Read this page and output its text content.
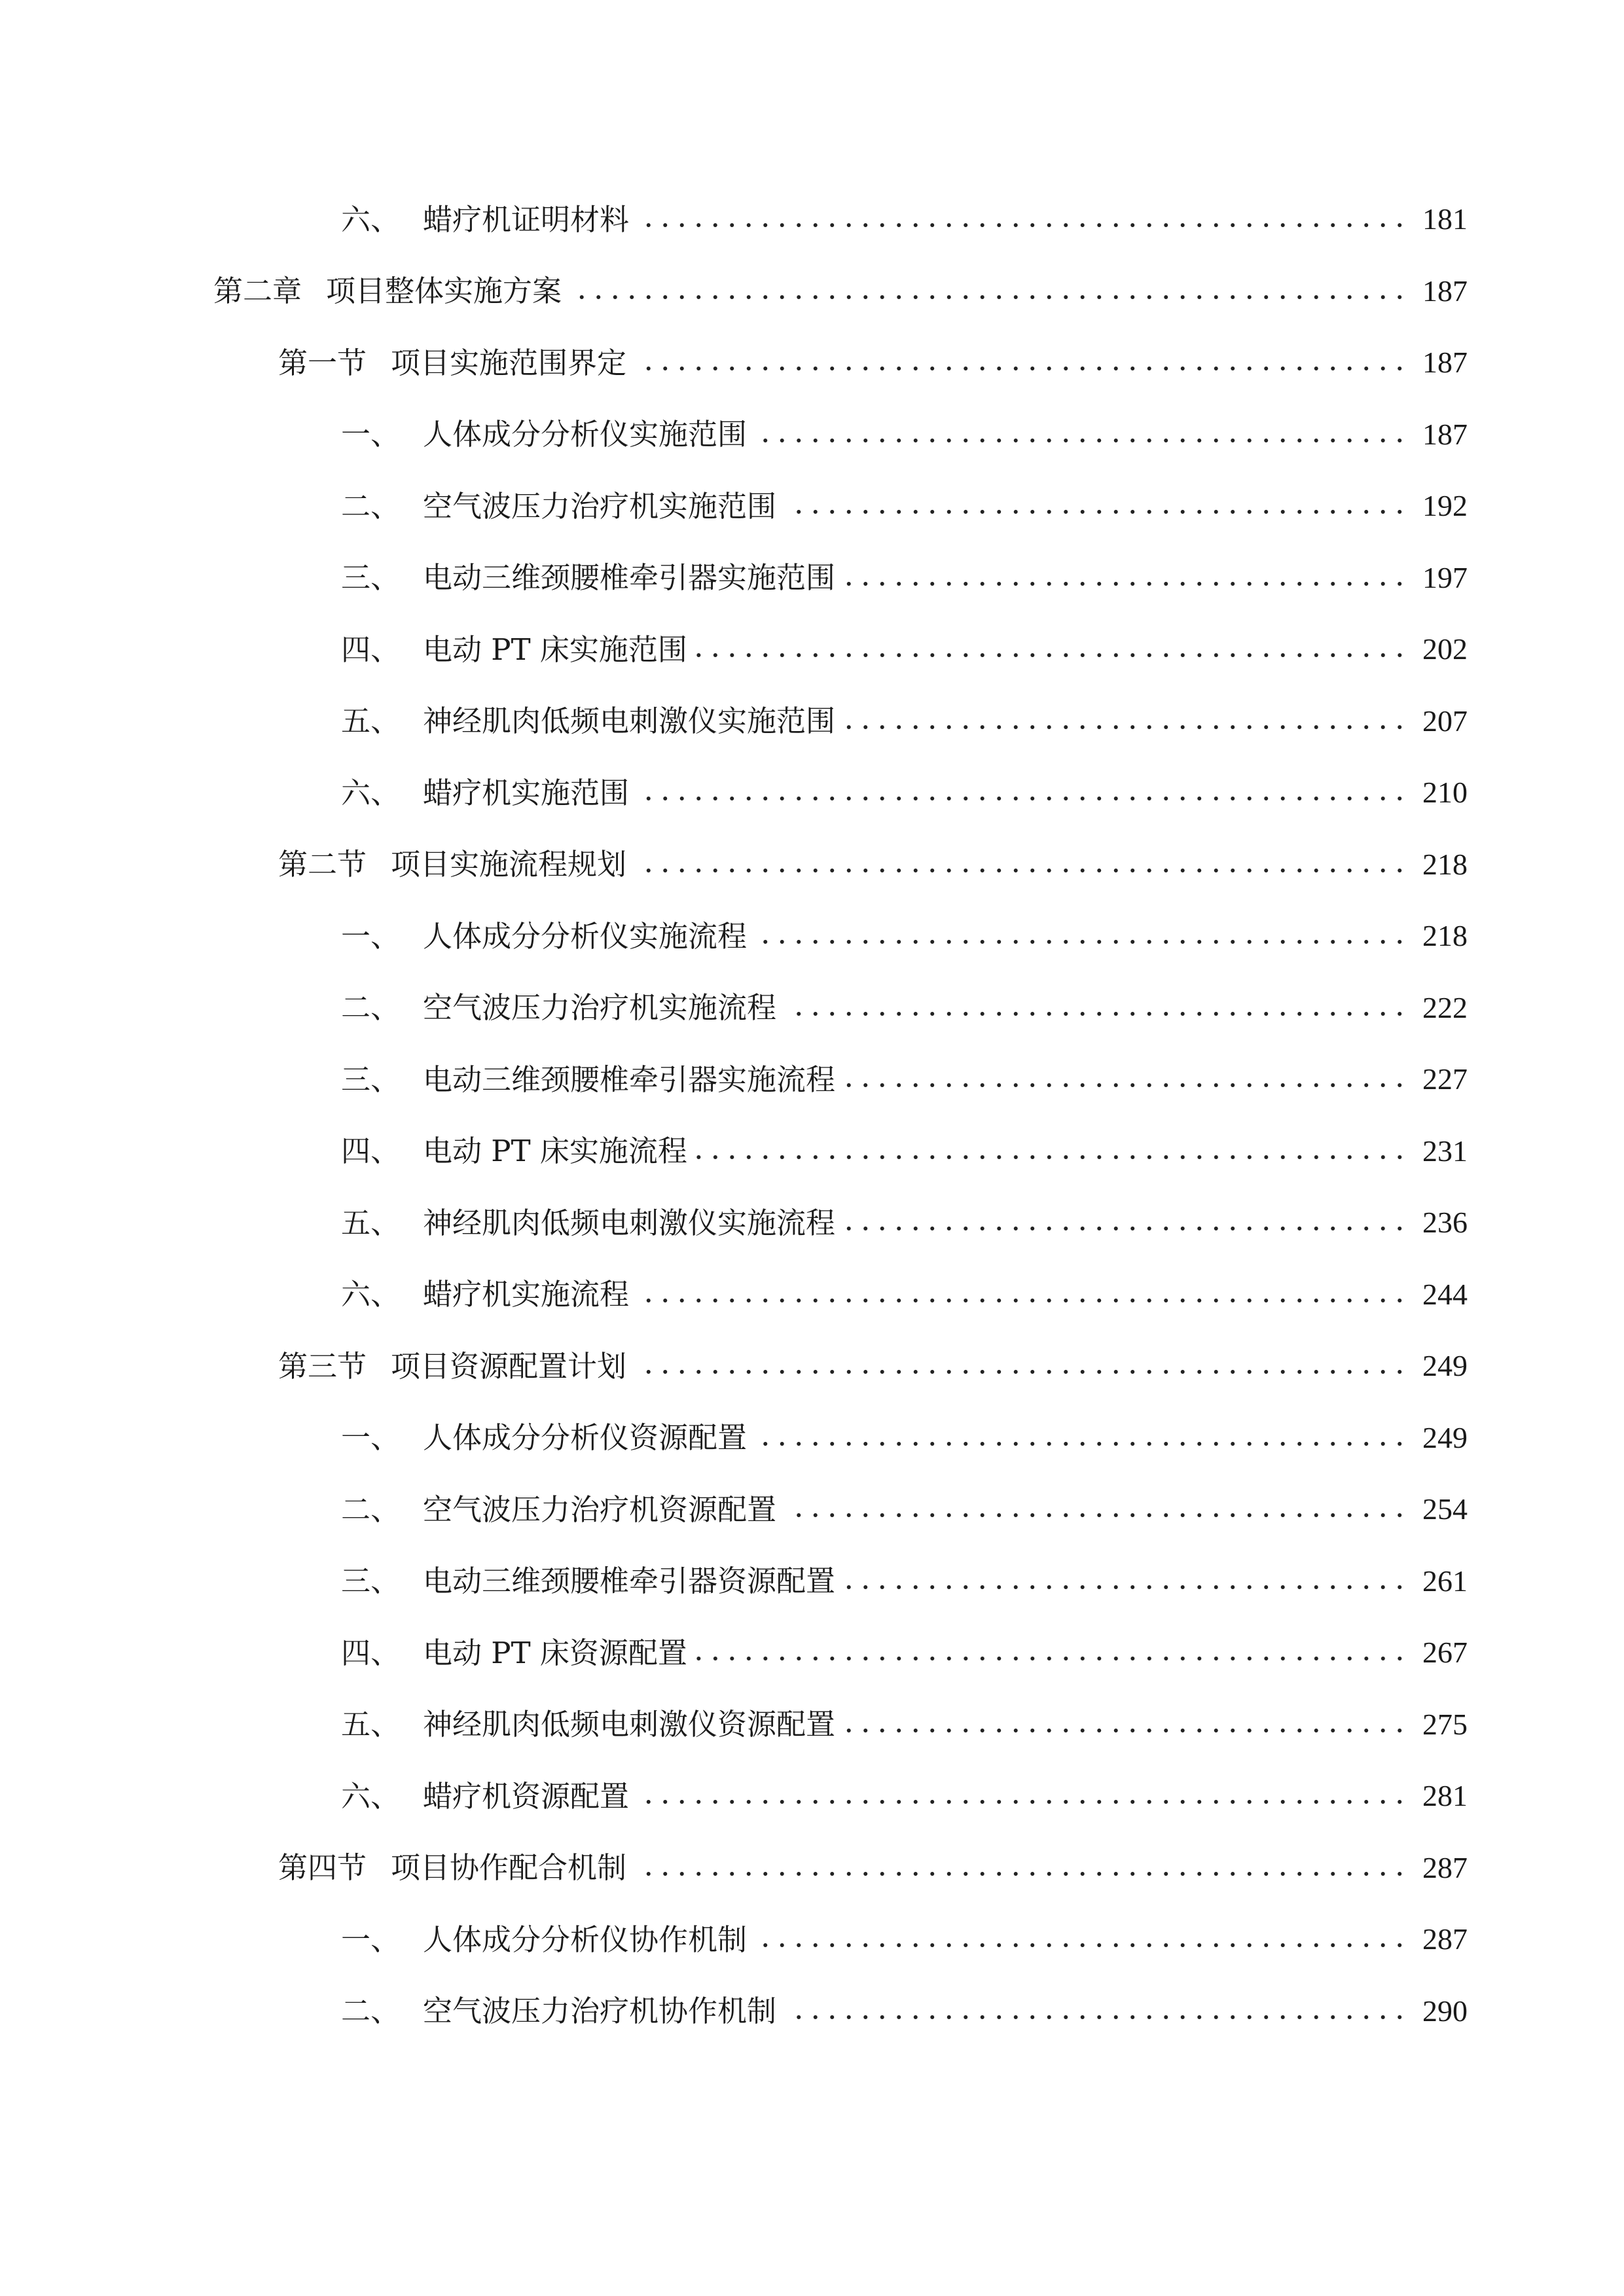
六、 蜡疗机证明材料	181
第二章 项目整体实施方案	187
第一节 项目实施范围界定	187
一、 人体成分分析仪实施范围	187
二、 空气波压力治疗机实施范围	192
三、 电动三维颈腰椎牵引器实施范围	197
四、 电动 PT 床实施范围	202
五、 神经肌肉低频电刺激仪实施范围	207
六、 蜡疗机实施范围	210
第二节 项目实施流程规划	218
一、 人体成分分析仪实施流程	218
二、 空气波压力治疗机实施流程	222
三、 电动三维颈腰椎牵引器实施流程	227
四、 电动 PT 床实施流程	231
五、 神经肌肉低频电刺激仪实施流程	236
六、 蜡疗机实施流程	244
第三节 项目资源配置计划	249
一、 人体成分分析仪资源配置	249
二、 空气波压力治疗机资源配置	254
三、 电动三维颈腰椎牵引器资源配置	261
四、 电动 PT 床资源配置	267
五、 神经肌肉低频电刺激仪资源配置	275
六、 蜡疗机资源配置	281
第四节 项目协作配合机制	287
一、 人体成分分析仪协作机制	287
二、 空气波压力治疗机协作机制	290
